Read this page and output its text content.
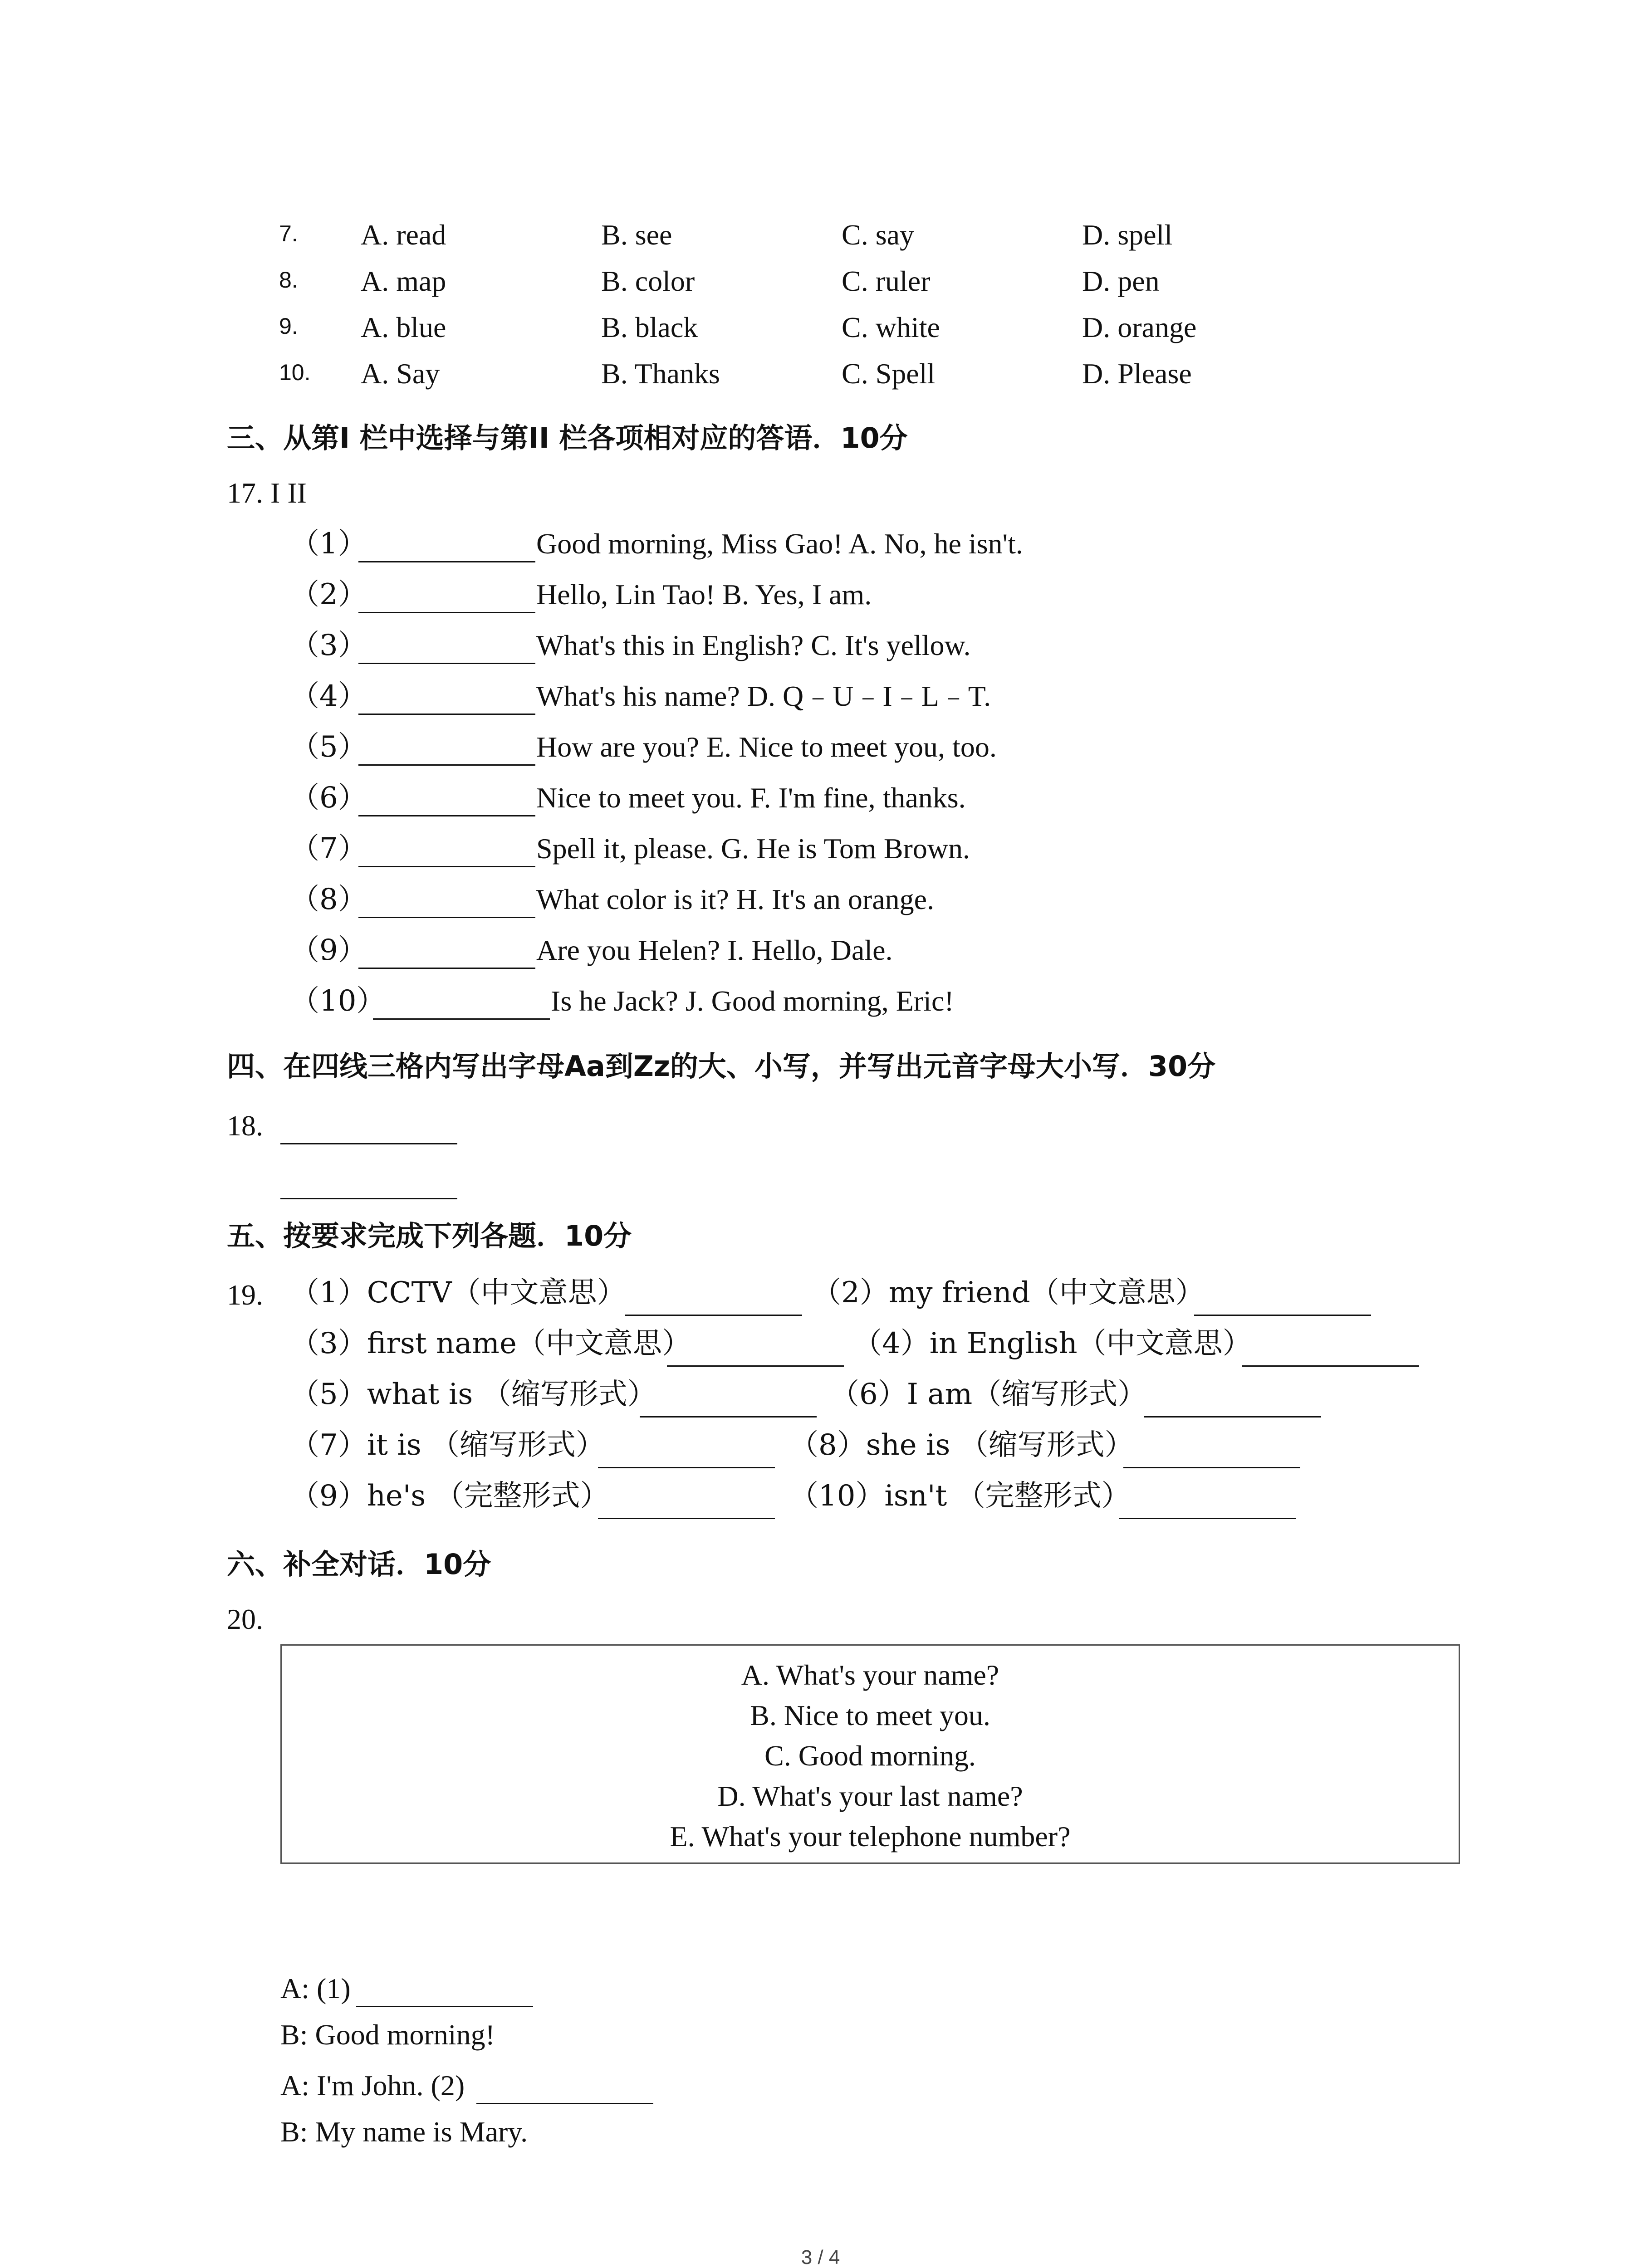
7. A. read	B. see	C. say	D. spell
8. A. map	B. color	C. ruler	D. pen
9. A. blue	B. black	C. white	D. orange
10. A. Say	B. Thanks	C. Spell	D. Please
三、从第I 栏中选择与第II 栏各项相对应的答语．10分
17. I II
（1）	Good morning, Miss Gao! A. No, he isn't.
（2）	Hello, Lin Tao! B. Yes, I am.
（3）	What's this in English? C. It's yellow.
（4）	What's his name? D. Q﹣U﹣I﹣L﹣T.
（5）	How are you? E. Nice to meet you, too.
（6）	Nice to meet you. F. I'm fine, thanks.
（7）	Spell it, please. G. He is Tom Brown.
（8）	What color is it? H. It's an orange.
（9）	Are you Helen? I. Hello, Dale.
（10）	Is he Jack? J. Good morning, Eric!
四、在四线三格内写出字母Aa到Zz的大、小写，并写出元音字母大小写．30分
18.
五、按要求完成下列各题．10分
19. （1）CCTV（中文意思）	（2）my friend（中文意思）
（3）first name（中文意思）	（4）in English（中文意思）
（5）what is （缩写形式）	（6）I am（缩写形式）
（7）it is （缩写形式）	（8）she is （缩写形式）
（9）he's （完整形式）	（10）isn't （完整形式）
六、补全对话．10分
20.
A. What's your name?
B. Nice to meet you.
C. Good morning.
D. What's your last name?
E. What's your telephone number?
A: (1)
B: Good morning!
A: I'm John. (2)
B: My name is Mary.
3 / 4
